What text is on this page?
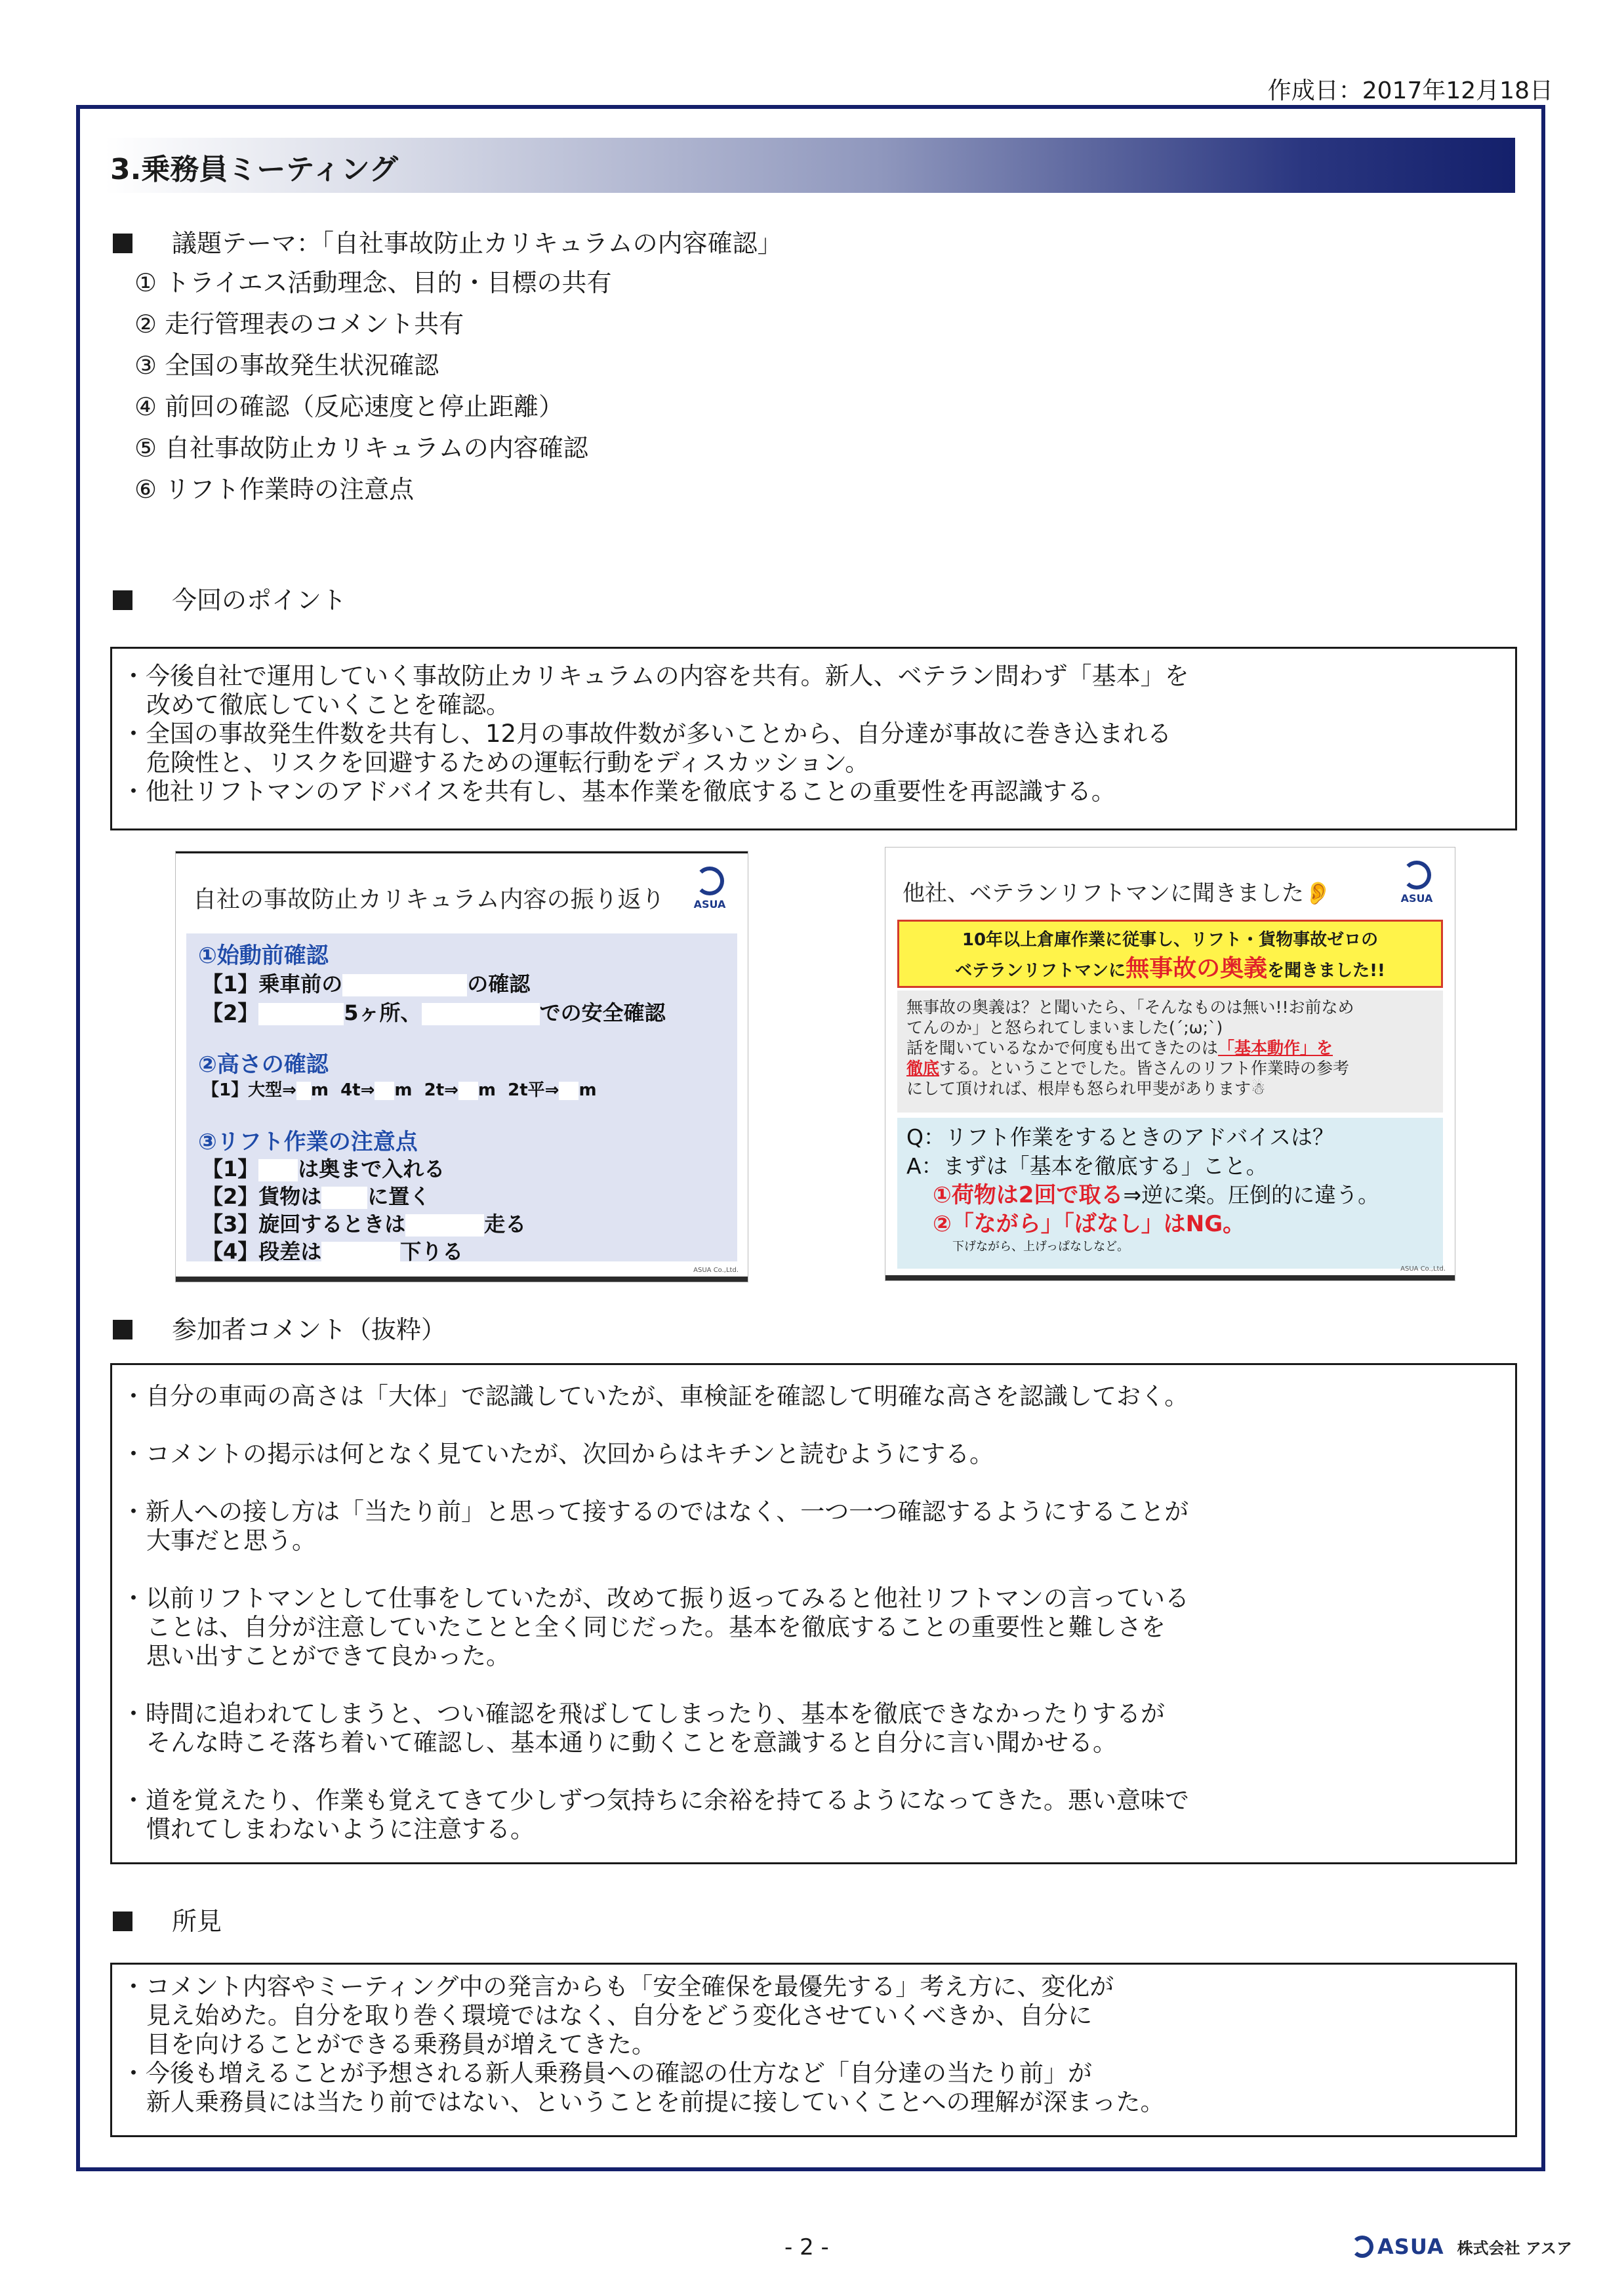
作成日：2017年12月18日
3.乗務員ミーティング
議題テーマ：「自社事故防止カリキュラムの内容確認」
① トライエス活動理念、目的・目標の共有
② 走行管理表のコメント共有
③ 全国の事故発生状況確認
④ 前回の確認（反応速度と停止距離）
⑤ 自社事故防止カリキュラムの内容確認
⑥ リフト作業時の注意点
今回のポイント

・今後自社で運用していく事故防止カリキュラムの内容を共有。新人、ベテラン問わず「基本」を

改めて徹底していくことを確認。

・全国の事故発生件数を共有し、12月の事故件数が多いことから、自分達が事故に巻き込まれる

危険性と、リスクを回避するための運転行動をディスカッション。

・他社リフトマンのアドバイスを共有し、基本作業を徹底することの重要性を再認識する。

自社の事故防止カリキュラム内容の振り返り	ASUA
①始動前確認
【1】乗車前の	の確認
【2】	5ヶ所、	での安全確認
②高さの確認
【1】大型⇒ m 4t⇒ m 2t⇒ m 2t平⇒ m
③リフト作業の注意点
【1】 は奥まで入れる
【2】貨物は に置く
【3】旋回するときは	走る
【4】段差は	下りる
ASUA Co.,Ltd.
他社、ベテランリフトマンに聞きました👂	ASUA
10年以上倉庫作業に従事し、リフト・貨物事故ゼロの
ベテランリフトマンに無事故の奥義を聞きました!!
無事故の奥義は？と聞いたら、「そんなものは無い!!お前なめ
てんのか」と怒られてしまいました(´;ω;`)
話を聞いているなかで何度も出てきたのは「基本動作」を
徹底する。ということでした。皆さんのリフト作業時の参考
にして頂ければ、根岸も怒られ甲斐があります☃
Q：リフト作業をするときのアドバイスは？
A：まずは「基本を徹底する」こと。
①荷物は2回で取る⇒逆に楽。圧倒的に違う。
②「ながら」「ばなし」はNG。
下げながら、上げっぱなしなど。
ASUA Co.,Ltd.
参加者コメント（抜粋）

・自分の車両の高さは「大体」で認識していたが、車検証を確認して明確な高さを認識しておく。

・コメントの掲示は何となく見ていたが、次回からはキチンと読むようにする。

・新人への接し方は「当たり前」と思って接するのではなく、一つ一つ確認するようにすることが
大事だと思う。

・以前リフトマンとして仕事をしていたが、改めて振り返ってみると他社リフトマンの言っている
ことは、自分が注意していたことと全く同じだった。基本を徹底することの重要性と難しさを
思い出すことができて良かった。

・時間に追われてしまうと、つい確認を飛ばしてしまったり、基本を徹底できなかったりするが
そんな時こそ落ち着いて確認し、基本通りに動くことを意識すると自分に言い聞かせる。

・道を覚えたり、作業も覚えてきて少しずつ気持ちに余裕を持てるようになってきた。悪い意味で
慣れてしまわないように注意する。

所見

・コメント内容やミーティング中の発言からも「安全確保を最優先する」考え方に、変化が

見え始めた。自分を取り巻く環境ではなく、自分をどう変化させていくべきか、自分に

目を向けることができる乗務員が増えてきた。

・今後も増えることが予想される新人乗務員への確認の仕方など「自分達の当たり前」が

新人乗務員には当たり前ではない、ということを前提に接していくことへの理解が深まった。

- 2 -	ASUA 株式会社 アスア
